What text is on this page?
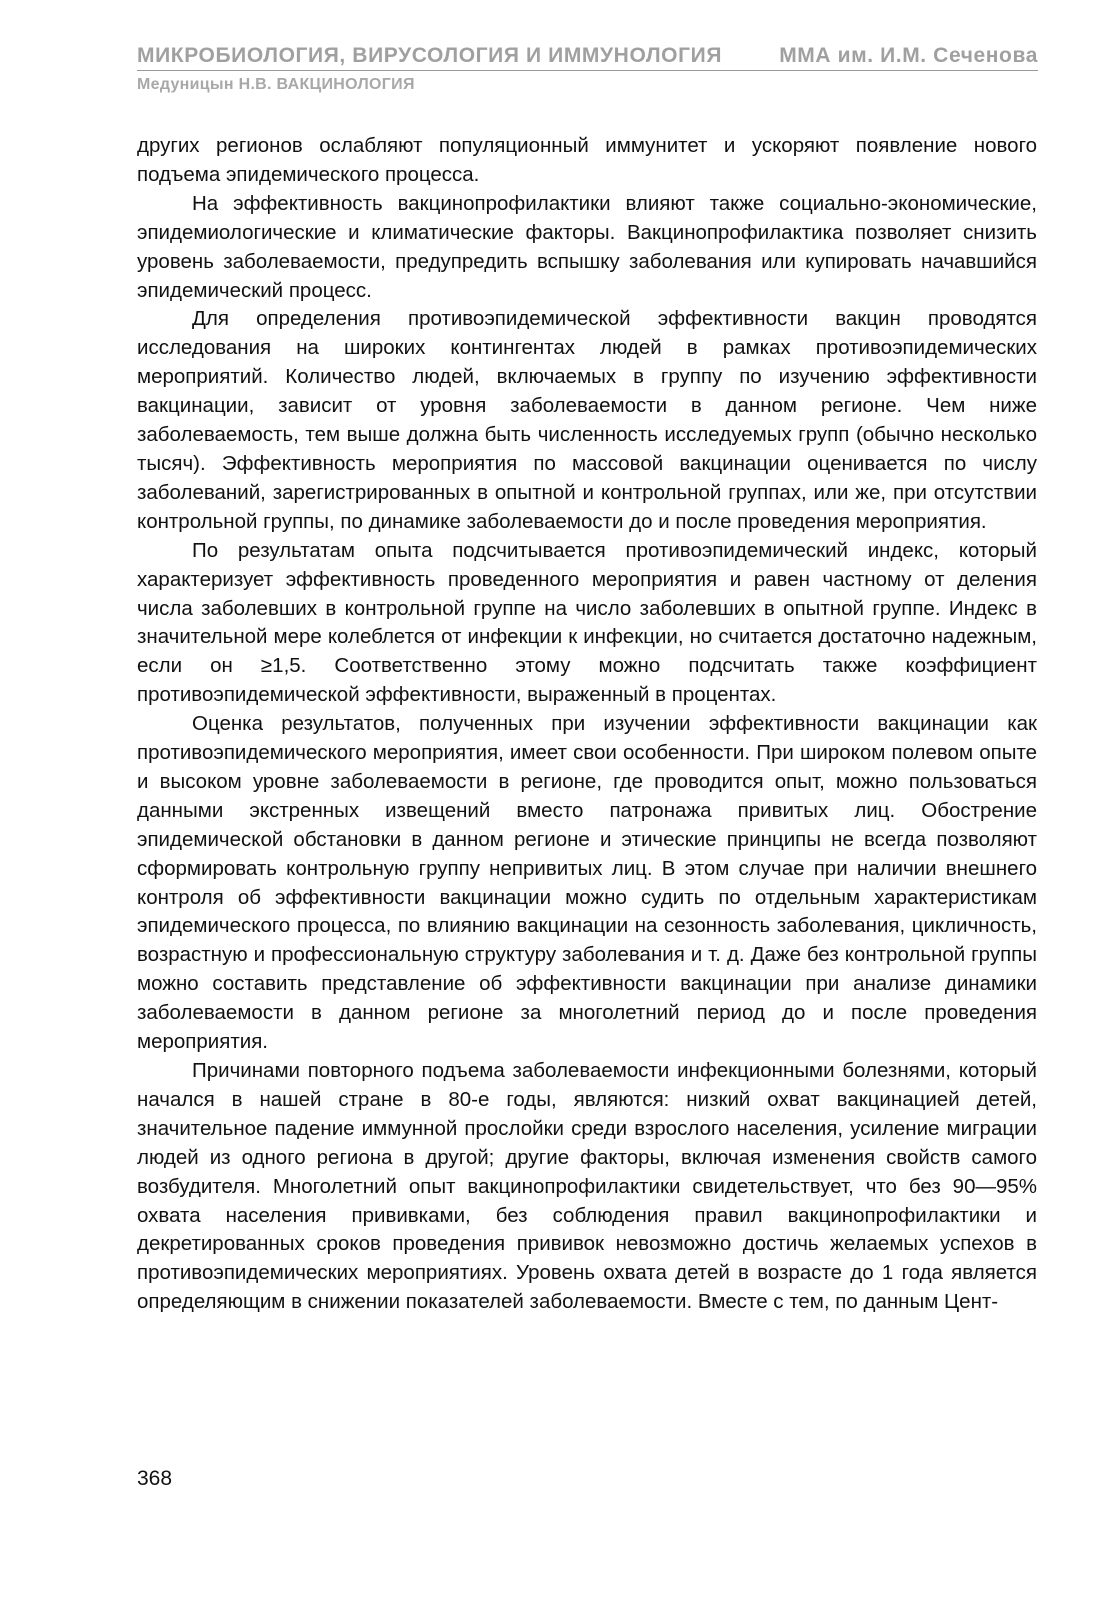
МИКРОБИОЛОГИЯ, ВИРУСОЛОГИЯ И ИММУНОЛОГИЯ	ММА им. И.М. Сеченова
Медуницын Н.В. ВАКЦИНОЛОГИЯ

других регионов ослабляют популяционный иммунитет и ускоряют появление нового подъема эпидемического процесса.

На эффективность вакцинопрофилактики влияют также социально-экономические, эпидемиологические и климатические факторы. Вакцинопрофилактика позволяет снизить уровень заболеваемости, предупредить вспышку заболевания или купировать начавшийся эпидемический процесс.

Для определения противоэпидемической эффективности вакцин проводятся исследования на широких контингентах людей в рамках противоэпидемических мероприятий. Количество людей, включаемых в группу по изучению эффективности вакцинации, зависит от уровня заболеваемости в данном регионе. Чем ниже заболеваемость, тем выше должна быть численность исследуемых групп (обычно несколько тысяч). Эффективность мероприятия по массовой вакцинации оценивается по числу заболеваний, зарегистрированных в опытной и контрольной группах, или же, при отсутствии контрольной группы, по динамике заболеваемости до и после проведения мероприятия.

По результатам опыта подсчитывается противоэпидемический индекс, который характеризует эффективность проведенного мероприятия и равен частному от деления числа заболевших в контрольной группе на число заболевших в опытной группе. Индекс в значительной мере колеблется от инфекции к инфекции, но считается достаточно надежным, если он ≥1,5. Соответственно этому можно подсчитать также коэффициент противоэпидемической эффективности, выраженный в процентах.

Оценка результатов, полученных при изучении эффективности вакцинации как противоэпидемического мероприятия, имеет свои особенности. При широком полевом опыте и высоком уровне заболеваемости в регионе, где проводится опыт, можно пользоваться данными экстренных извещений вместо патронажа привитых лиц. Обострение эпидемической обстановки в данном регионе и этические принципы не всегда позволяют сформировать контрольную группу непривитых лиц. В этом случае при наличии внешнего контроля об эффективности вакцинации можно судить по отдельным характеристикам эпидемического процесса, по влиянию вакцинации на сезонность заболевания, цикличность, возрастную и профессиональную структуру заболевания и т. д. Даже без контрольной группы можно составить представление об эффективности вакцинации при анализе динамики заболеваемости в данном регионе за многолетний период до и после проведения мероприятия.

Причинами повторного подъема заболеваемости инфекционными болезнями, который начался в нашей стране в 80-е годы, являются: низкий охват вакцинацией детей, значительное падение иммунной прослойки среди взрослого населения, усиление миграции людей из одного региона в другой; другие факторы, включая изменения свойств самого возбудителя. Многолетний опыт вакцинопрофилактики свидетельствует, что без 90—95% охвата населения прививками, без соблюдения правил вакцинопрофилактики и декретированных сроков проведения прививок невозможно достичь желаемых успехов в противоэпидемических мероприятиях. Уровень охвата детей в возрасте до 1 года является определяющим в снижении показателей заболеваемости. Вместе с тем, по данным Цент-

368
